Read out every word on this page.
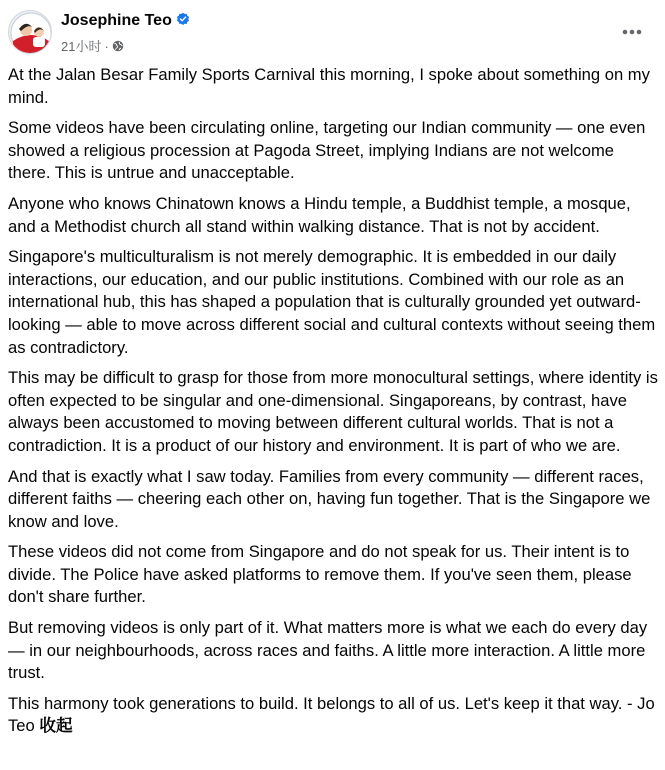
Josephine Teo
21小时 ·

At the Jalan Besar Family Sports Carnival this morning, I spoke about something on my mind.

Some videos have been circulating online, targeting our Indian community — one even showed a religious procession at Pagoda Street, implying Indians are not welcome there. This is untrue and unacceptable.

Anyone who knows Chinatown knows a Hindu temple, a Buddhist temple, a mosque, and a Methodist church all stand within walking distance. That is not by accident.

Singapore's multiculturalism is not merely demographic. It is embedded in our daily interactions, our education, and our public institutions. Combined with our role as an international hub, this has shaped a population that is culturally grounded yet outward-looking — able to move across different social and cultural contexts without seeing them as contradictory.

This may be difficult to grasp for those from more monocultural settings, where identity is often expected to be singular and one-dimensional. Singaporeans, by contrast, have always been accustomed to moving between different cultural worlds. That is not a contradiction. It is a product of our history and environment. It is part of who we are.

And that is exactly what I saw today. Families from every community — different races, different faiths — cheering each other on, having fun together. That is the Singapore we know and love.

These videos did not come from Singapore and do not speak for us. Their intent is to divide. The Police have asked platforms to remove them. If you've seen them, please don't share further.

But removing videos is only part of it. What matters more is what we each do every day — in our neighbourhoods, across races and faiths. A little more interaction. A little more trust.

This harmony took generations to build. It belongs to all of us. Let's keep it that way. - Jo Teo 收起
